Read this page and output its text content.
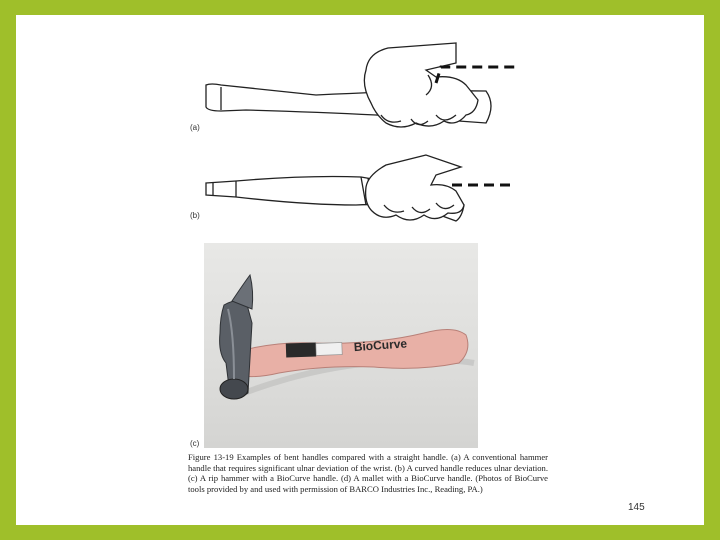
(a)
(b)
(c)
BioCurve
Figure 13-19 Examples of bent handles compared with a straight handle. (a) A conventional hammer handle that requires significant ulnar deviation of the wrist. (b) A curved handle reduces ulnar deviation. (c) A rip hammer with a BioCurve handle. (d) A mallet with a BioCurve handle. (Photos of BioCurve tools provided by and used with permission of BARCO Industries Inc., Reading, PA.)
145
